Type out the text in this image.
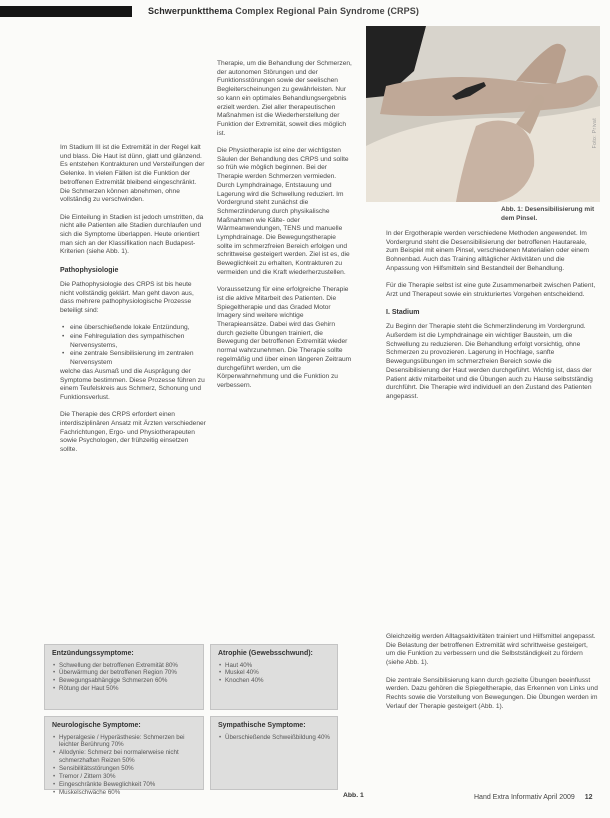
Schwerpunktthema Complex Regional Pain Syndrome (CRPS)

Im Stadium III ist die Extremität in der Regel kalt und blass. Die Haut ist dünn, glatt und glänzend. Es entstehen Kontrakturen und Versteifungen der Gelenke. In vielen Fällen ist die Funktion der betroffenen Extremität bleibend eingeschränkt. Die Schmerzen können abnehmen, ohne vollständig zu verschwinden.

Die Einteilung in Stadien ist jedoch umstritten, da nicht alle Patienten alle Stadien durchlaufen und sich die Symptome überlappen. Heute orientiert man sich an der Klassifikation nach Budapest-Kriterien (siehe Abb. 1).

Pathophysiologie

Die Pathophysiologie des CRPS ist bis heute nicht vollständig geklärt. Man geht davon aus, dass mehrere pathophysiologische Prozesse beteiligt sind:

• eine überschießende lokale Entzündung,
• eine Fehlregulation des sympathischen Nervensystems,
• eine zentrale Sensibilisierung im zentralen Nervensystem

welche das Ausmaß und die Ausprägung der Symptome bestimmen. Diese Prozesse führen zu einem Teufelskreis aus Schmerz, Schonung und Funktionsverlust.

Die Therapie des CRPS erfordert einen interdisziplinären Ansatz mit Ärzten verschiedener Fachrichtungen, Ergo- und Physiotherapeuten sowie Psychologen, der frühzeitig einsetzen sollte.

Therapie, um die Behandlung der Schmerzen, der autonomen Störungen und der Funktionsstörungen sowie der seelischen Begleiterscheinungen zu gewährleisten. Nur so kann ein optimales Behandlungsergebnis erzielt werden. Ziel aller therapeutischen Maßnahmen ist die Wiederherstellung der Funktion der Extremität, soweit dies möglich ist.

Die Physiotherapie ist eine der wichtigsten Säulen der Behandlung des CRPS und sollte so früh wie möglich beginnen. Bei der Therapie werden Schmerzen vermieden. Durch Lymphdrainage, Entstauung und Lagerung wird die Schwellung reduziert. Im Vordergrund steht zunächst die Schmerzlinderung durch physikalische Maßnahmen wie Kälte- oder Wärmeanwendungen, TENS und manuelle Lymphdrainage. Die Bewegungstherapie sollte im schmerzfreien Bereich erfolgen und schrittweise gesteigert werden. Ziel ist es, die Beweglichkeit zu erhalten, Kontrakturen zu vermeiden und die Kraft wiederherzustellen.

Voraussetzung für eine erfolgreiche Therapie ist die aktive Mitarbeit des Patienten. Die Spiegeltherapie und das Graded Motor Imagery sind weitere wichtige Therapieansätze. Dabei wird das Gehirn durch gezielte Übungen trainiert, die Bewegung der betroffenen Extremität wieder normal wahrzunehmen. Die Therapie sollte regelmäßig und über einen längeren Zeitraum durchgeführt werden, um die Körperwahrnehmung und die Funktion zu verbessern.

Foto: Privat
Abb. 1: Desensibilisierung mit dem Pinsel.

In der Ergotherapie werden verschiedene Methoden angewendet. Im Vordergrund steht die Desensibilisierung der betroffenen Hautareale, zum Beispiel mit einem Pinsel, verschiedenen Materialien oder einem Bohnenbad. Auch das Training alltäglicher Aktivitäten und die Anpassung von Hilfsmitteln sind Bestandteil der Behandlung.

Für die Therapie selbst ist eine gute Zusammenarbeit zwischen Patient, Arzt und Therapeut sowie ein strukturiertes Vorgehen entscheidend.

I. Stadium

Zu Beginn der Therapie steht die Schmerzlinderung im Vordergrund. Außerdem ist die Lymphdrainage ein wichtiger Baustein, um die Schwellung zu reduzieren. Die Behandlung erfolgt vorsichtig, ohne Schmerzen zu provozieren. Lagerung in Hochlage, sanfte Bewegungsübungen im schmerzfreien Bereich sowie die Desensibilisierung der Haut werden durchgeführt. Wichtig ist, dass der Patient aktiv mitarbeitet und die Übungen auch zu Hause selbstständig durchführt. Die Therapie wird individuell an den Zustand des Patienten angepasst.

Gleichzeitig werden Alltagsaktivitäten trainiert und Hilfsmittel angepasst. Die Belastung der betroffenen Extremität wird schrittweise gesteigert, um die Funktion zu verbessern und die Selbstständigkeit zu fördern (siehe Abb. 1).

Die zentrale Sensibilisierung kann durch gezielte Übungen beeinflusst werden. Dazu gehören die Spiegeltherapie, das Erkennen von Links und Rechts sowie die Vorstellung von Bewegungen. Die Übungen werden im Verlauf der Therapie gesteigert (Abb. 1).

Entzündungssymptome:
• Schwellung der betroffenen Extremität 80%
• Überwärmung der betroffenen Region 70%
• Bewegungsabhängige Schmerzen 60%
• Rötung der Haut 50%
Neurologische Symptome:
• Hyperalgesie / Hyperästhesie: Schmerzen bei leichter Berührung 70%
• Allodynie: Schmerz bei normalerweise nicht schmerzhaften Reizen 50%
• Sensibilitätsstörungen 50%
• Tremor / Zittern 30%
• Eingeschränkte Beweglichkeit 70%
• Muskelschwäche 60%
Atrophie (Gewebsschwund):
• Haut 40%
• Muskel 40%
• Knochen 40%
Sympathische Symptome:
• Überschießende Schweißbildung 40%
Abb. 1	Hand Extra Informativ April 2009 12
